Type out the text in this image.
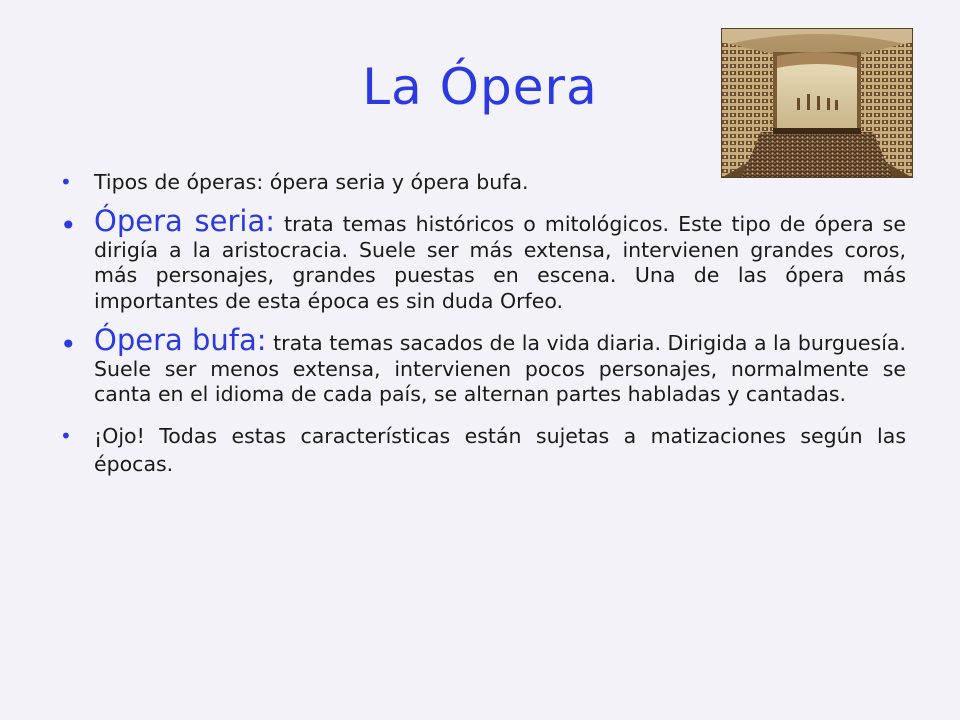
La Ópera
• Tipos de óperas: ópera seria y ópera bufa.
• Ópera seria: trata temas históricos o mitológicos. Este tipo de ópera se dirigía a la aristocracia. Suele ser más extensa, intervienen grandes coros, más personajes, grandes puestas en escena. Una de las ópera más importantes de esta época es sin duda Orfeo.
• Ópera bufa: trata temas sacados de la vida diaria. Dirigida a la burguesía. Suele ser menos extensa, intervienen pocos personajes, normalmente se canta en el idioma de cada país, se alternan partes habladas y cantadas.
• ¡Ojo! Todas estas características están sujetas a matizaciones según las épocas.
